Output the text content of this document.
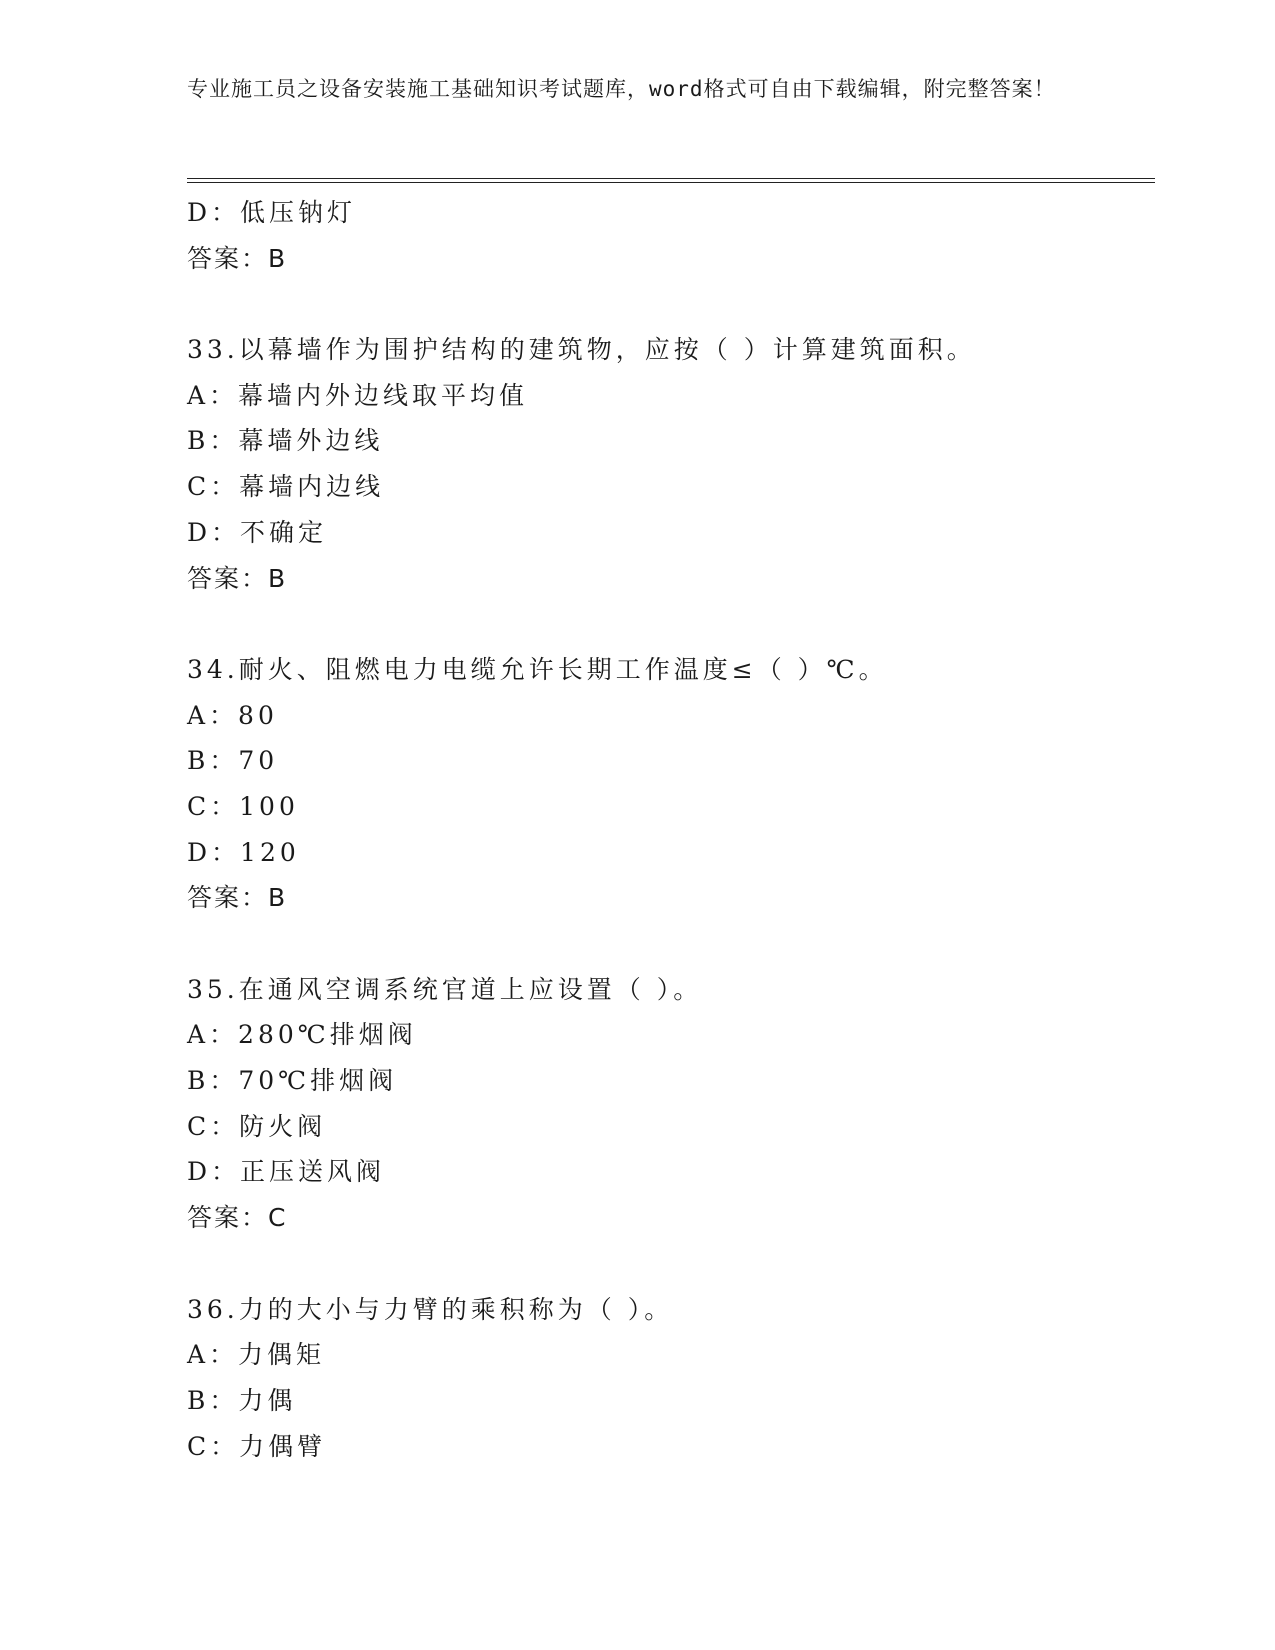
专业施工员之设备安装施工基础知识考试题库，word格式可自由下载编辑，附完整答案！
D：低压钠灯
答案：B
33.以幕墙作为围护结构的建筑物，应按（ ）计算建筑面积。
A：幕墙内外边线取平均值
B：幕墙外边线
C：幕墙内边线
D：不确定
答案：B
34.耐火、阻燃电力电缆允许长期工作温度≤（ ）℃。
A：80
B：70
C：100
D：120
答案：B
35.在通风空调系统官道上应设置（ ）。
A：280℃排烟阀
B：70℃排烟阀
C：防火阀
D：正压送风阀
答案：C
36.力的大小与力臂的乘积称为（ ）。
A：力偶矩
B：力偶
C：力偶臂
